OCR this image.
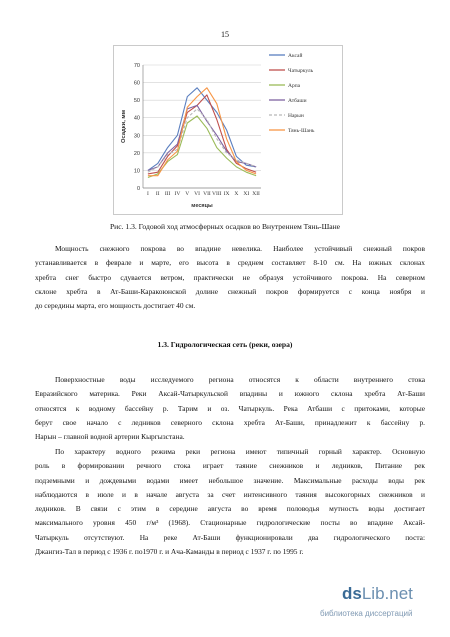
15
0
10
20
30
40
50
60
70
I II III IV V VI VII VIII IX X XI XII
Осадки, мм
месяцы
Аксай
Чатыркуль
Арпа
Атбаши
Нарын
Тянь-Шань
Рис. 1.3. Годовой ход атмосферных осадков во Внутреннем Тянь-Шане
Мощность снежного покрова во впадине невелика. Наиболее устойчивый снежный покров
устанавливается в феврале и марте, его высота в среднем составляет 8-10 см. На южных склонах
хребта снег быстро сдувается ветром, практически не образуя устойчивого покрова. На северном
склоне хребта в Ат-Баши-Каракоюнской долине снежный покров формируется с конца ноября и
до середины марта, его мощность достигает 40 см.
1.3. Гидрологическая сеть (реки, озера)
Поверхностные воды исследуемого региона относятся к области внутреннего стока
Евразийского материка. Реки Аксай-Чатыркульской впадины и южного склона хребта Ат-Баши
относятся к водному бассейну р. Тарим и оз. Чатыркуль. Река Атбаши с притоками, которые
берут свое начало с ледников северного склона хребта Ат-Баши, принадлежит к бассейну р.
Нарын – главной водной артерии Кыргызстана.
По характеру водного режима реки региона имеют типичный горный характер. Основную
роль в формировании речного стока играет таяние снежников и ледников, Питание рек
подземными и дождевыми водами имеет небольшое значение. Максимальные расходы воды рек
наблюдаются в июле и в начале августа за счет интенсивного таяния высокогорных снежников и
ледников. В связи с этим в середине августа во время половодья мутность воды достигает
максимального уровня 450 г/м³ (1968). Стационарные гидрологические посты во впадине Аксай-
Чатыркуль отсутствуют. На реке Ат-Баши функционировали два гидрологического поста:
Джангиз-Тал в период с 1936 г. по1970 г. и Ача-Каманды в период с 1937 г. по 1995 г.
dsLib.net
библиотека диссертаций
